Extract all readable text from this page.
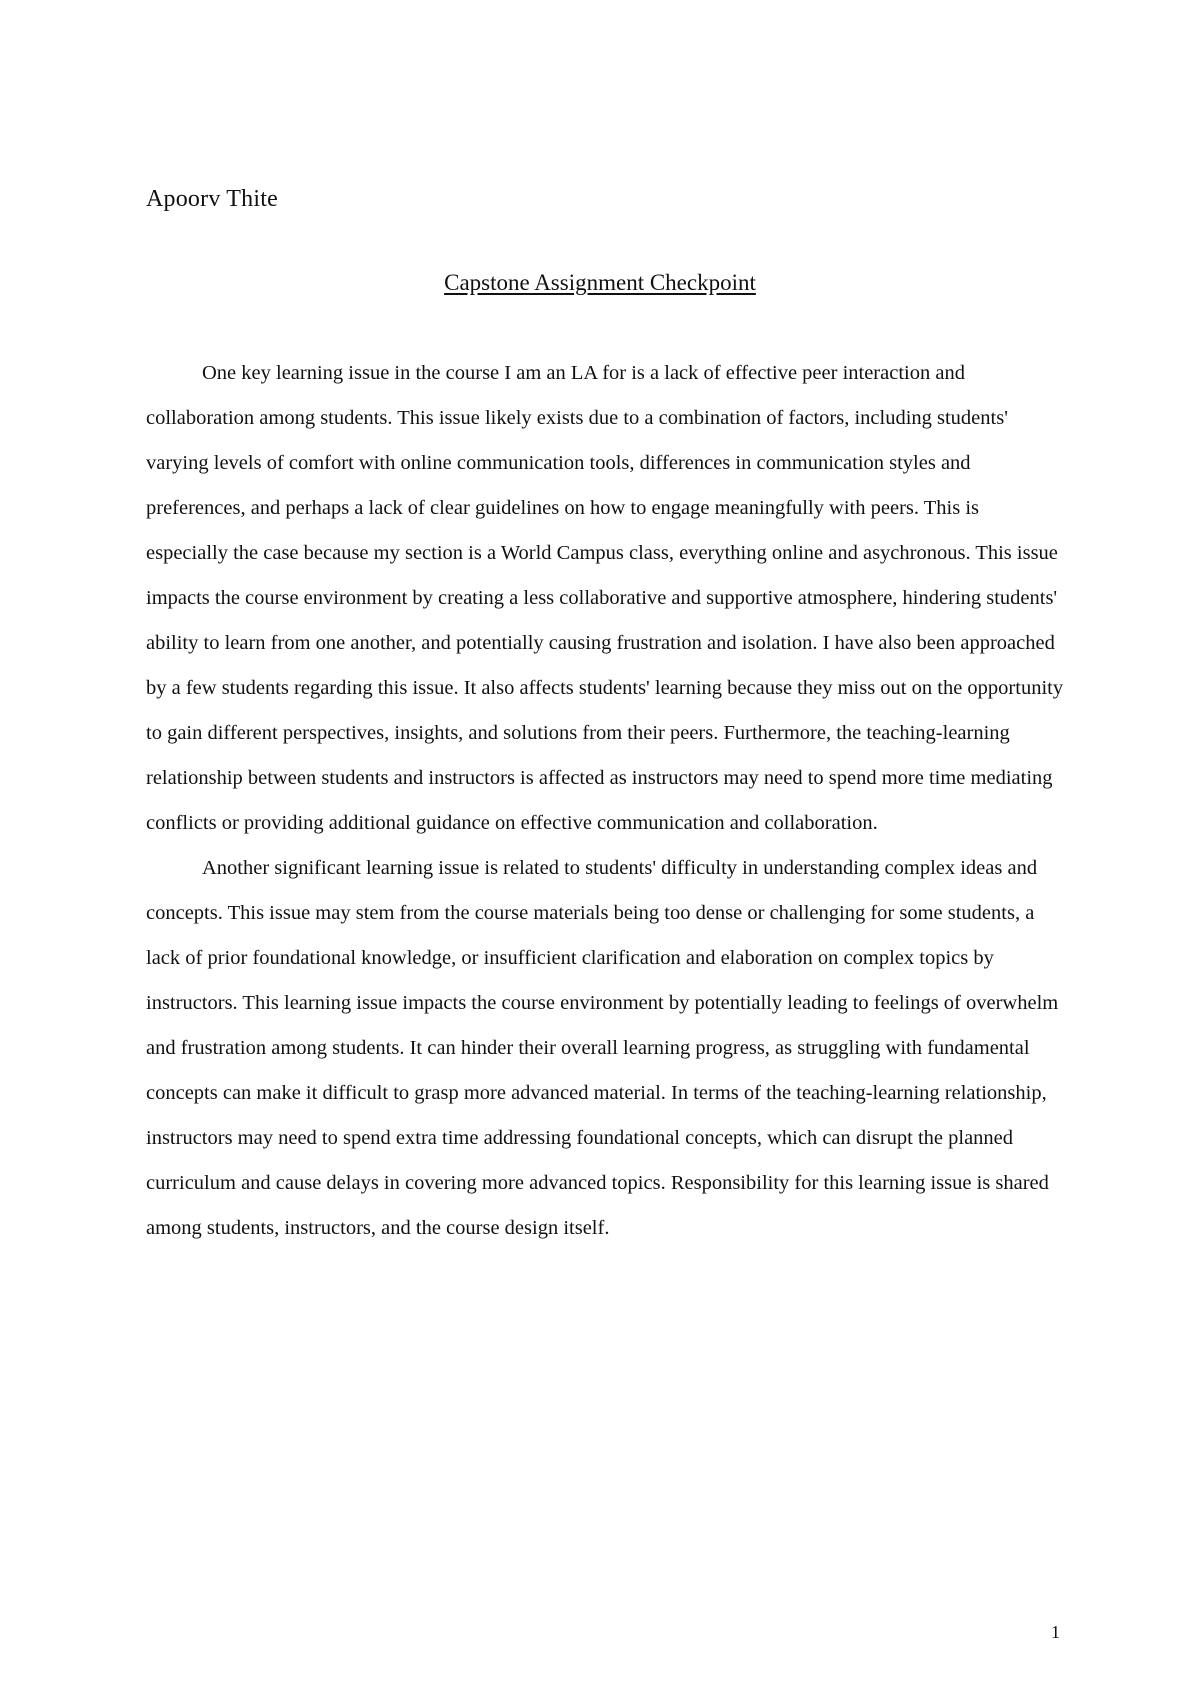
Apoorv Thite
Capstone Assignment Checkpoint

One key learning issue in the course I am an LA for is a lack of effective peer interaction and collaboration among students. This issue likely exists due to a combination of factors, including students' varying levels of comfort with online communication tools, differences in communication styles and preferences, and perhaps a lack of clear guidelines on how to engage meaningfully with peers. This is especially the case because my section is a World Campus class, everything online and asychronous. This issue impacts the course environment by creating a less collaborative and supportive atmosphere, hindering students' ability to learn from one another, and potentially causing frustration and isolation. I have also been approached by a few students regarding this issue. It also affects students' learning because they miss out on the opportunity to gain different perspectives, insights, and solutions from their peers. Furthermore, the teaching-learning relationship between students and instructors is affected as instructors may need to spend more time mediating conflicts or providing additional guidance on effective communication and collaboration.

Another significant learning issue is related to students' difficulty in understanding complex ideas and concepts. This issue may stem from the course materials being too dense or challenging for some students, a lack of prior foundational knowledge, or insufficient clarification and elaboration on complex topics by instructors. This learning issue impacts the course environment by potentially leading to feelings of overwhelm and frustration among students. It can hinder their overall learning progress, as struggling with fundamental concepts can make it difficult to grasp more advanced material. In terms of the teaching-learning relationship, instructors may need to spend extra time addressing foundational concepts, which can disrupt the planned curriculum and cause delays in covering more advanced topics. Responsibility for this learning issue is shared among students, instructors, and the course design itself.

1
